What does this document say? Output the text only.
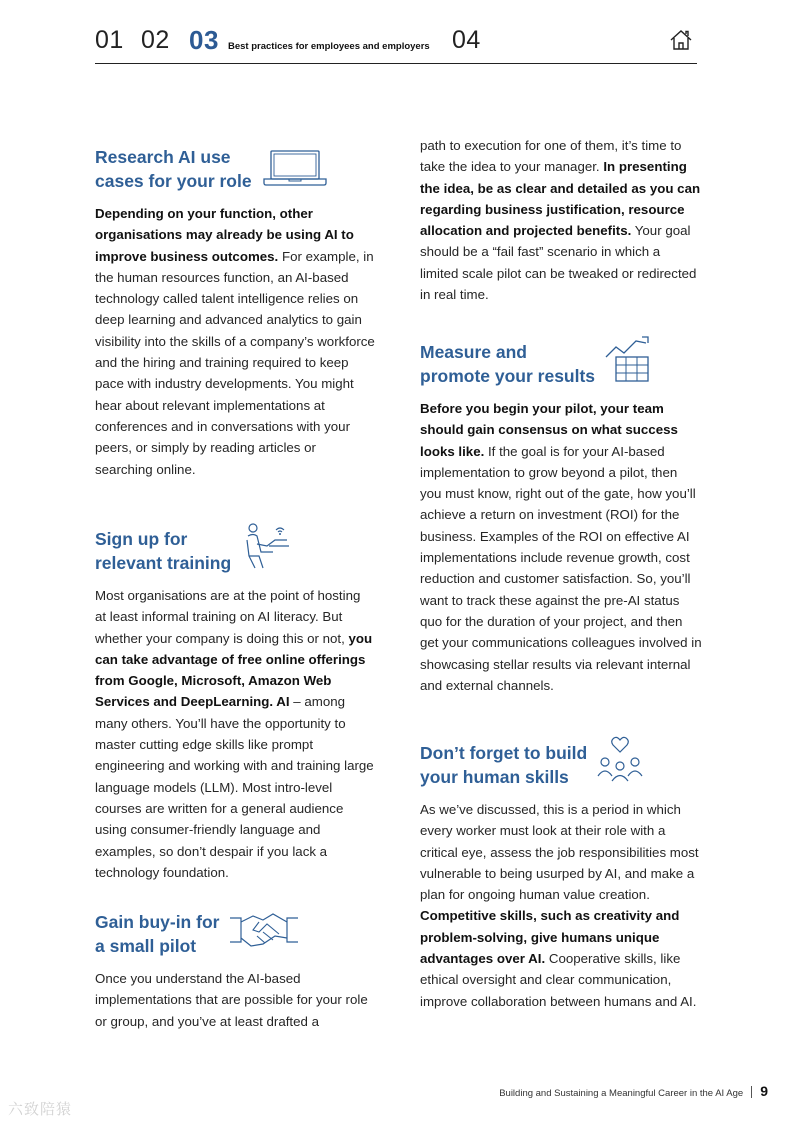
01 02 03 Best practices for employees and employers 04
Research AI use
cases for your role

Depending on your function, other organisations may already be using AI to improve business outcomes. For example, in the human resources function, an AI-based technology called talent intelligence relies on deep learning and advanced analytics to gain visibility into the skills of a company’s workforce and the hiring and training required to keep pace with industry developments. You might hear about relevant implementations at conferences and in conversations with your peers, or simply by reading articles or searching online.

Sign up for
relevant training

Most organisations are at the point of hosting at least informal training on AI literacy. But whether your company is doing this or not, you can take advantage of free online offerings from Google, Microsoft, Amazon Web Services and DeepLearning. AI – among many others. You’ll have the opportunity to master cutting edge skills like prompt engineering and working with and training large language models (LLM). Most intro-level courses are written for a general audience using consumer-friendly language and examples, so don’t despair if you lack a technology foundation.

Gain buy-in for
a small pilot

Once you understand the AI-based implementations that are possible for your role or group, and you’ve at least drafted a

path to execution for one of them, it’s time to take the idea to your manager. In presenting the idea, be as clear and detailed as you can regarding business justification, resource allocation and projected benefits. Your goal should be a “fail fast” scenario in which a limited scale pilot can be tweaked or redirected in real time.

Measure and
promote your results

Before you begin your pilot, your team should gain consensus on what success looks like. If the goal is for your AI-based implementation to grow beyond a pilot, then you must know, right out of the gate, how you’ll achieve a return on investment (ROI) for the business. Examples of the ROI on effective AI implementations include revenue growth, cost reduction and customer satisfaction. So, you’ll want to track these against the pre-AI status quo for the duration of your project, and then get your communications colleagues involved in showcasing stellar results via relevant internal and external channels.

Don’t forget to build
your human skills

As we’ve discussed, this is a period in which every worker must look at their role with a critical eye, assess the job responsibilities most vulnerable to being usurped by AI, and make a plan for ongoing human value creation. Competitive skills, such as creativity and problem-solving, give humans unique advantages over AI. Cooperative skills, like ethical oversight and clear communication, improve collaboration between humans and AI.

Building and Sustaining a Meaningful Career in the AI Age 9
六致陪猿
